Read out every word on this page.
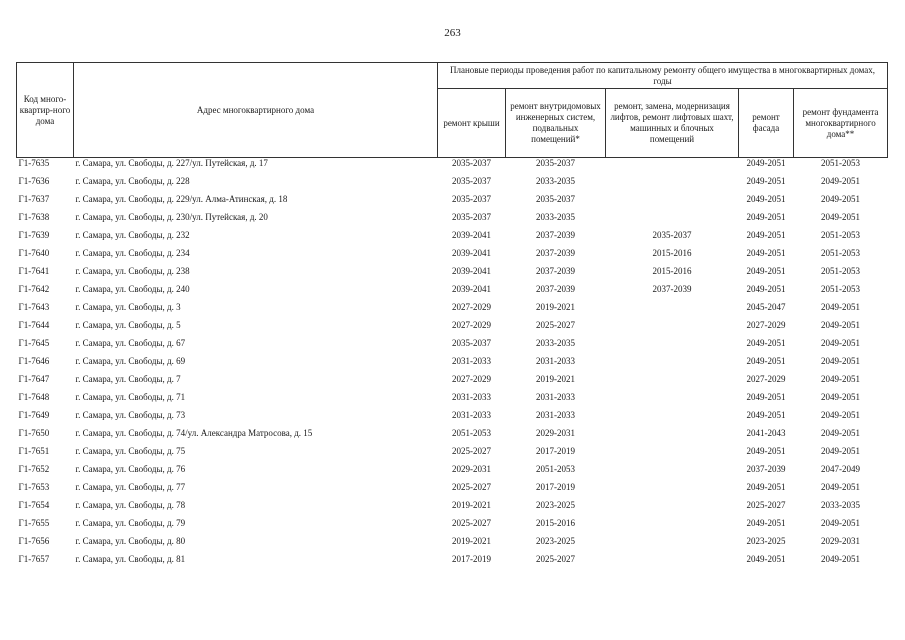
263
Код много-квартир-ного дома	Адрес многоквартирного дома	Плановые периоды проведения работ по капитальному ремонту общего имущества в многоквартирных домах, годы				
		ремонт крыши	ремонт внутридомовых инженерных систем, подвальных помещений*	ремонт, замена, модернизация лифтов, ремонт лифтовых шахт, машинных и блочных помещений	ремонт фасада	ремонт фундамента многоквартирного дома**
Г1-7635	г. Самара, ул. Свободы, д. 227/ул. Путейская, д. 17	2035-2037	2035-2037		2049-2051	2051-2053
Г1-7636	г. Самара, ул. Свободы, д. 228	2035-2037	2033-2035		2049-2051	2049-2051
Г1-7637	г. Самара, ул. Свободы, д. 229/ул. Алма-Атинская, д. 18	2035-2037	2035-2037		2049-2051	2049-2051
Г1-7638	г. Самара, ул. Свободы, д. 230/ул. Путейская, д. 20	2035-2037	2033-2035		2049-2051	2049-2051
Г1-7639	г. Самара, ул. Свободы, д. 232	2039-2041	2037-2039	2035-2037	2049-2051	2051-2053
Г1-7640	г. Самара, ул. Свободы, д. 234	2039-2041	2037-2039	2015-2016	2049-2051	2051-2053
Г1-7641	г. Самара, ул. Свободы, д. 238	2039-2041	2037-2039	2015-2016	2049-2051	2051-2053
Г1-7642	г. Самара, ул. Свободы, д. 240	2039-2041	2037-2039	2037-2039	2049-2051	2051-2053
Г1-7643	г. Самара, ул. Свободы, д. 3	2027-2029	2019-2021		2045-2047	2049-2051
Г1-7644	г. Самара, ул. Свободы, д. 5	2027-2029	2025-2027		2027-2029	2049-2051
Г1-7645	г. Самара, ул. Свободы, д. 67	2035-2037	2033-2035		2049-2051	2049-2051
Г1-7646	г. Самара, ул. Свободы, д. 69	2031-2033	2031-2033		2049-2051	2049-2051
Г1-7647	г. Самара, ул. Свободы, д. 7	2027-2029	2019-2021		2027-2029	2049-2051
Г1-7648	г. Самара, ул. Свободы, д. 71	2031-2033	2031-2033		2049-2051	2049-2051
Г1-7649	г. Самара, ул. Свободы, д. 73	2031-2033	2031-2033		2049-2051	2049-2051
Г1-7650	г. Самара, ул. Свободы, д. 74/ул. Александра Матросова, д. 15	2051-2053	2029-2031		2041-2043	2049-2051
Г1-7651	г. Самара, ул. Свободы, д. 75	2025-2027	2017-2019		2049-2051	2049-2051
Г1-7652	г. Самара, ул. Свободы, д. 76	2029-2031	2051-2053		2037-2039	2047-2049
Г1-7653	г. Самара, ул. Свободы, д. 77	2025-2027	2017-2019		2049-2051	2049-2051
Г1-7654	г. Самара, ул. Свободы, д. 78	2019-2021	2023-2025		2025-2027	2033-2035
Г1-7655	г. Самара, ул. Свободы, д. 79	2025-2027	2015-2016		2049-2051	2049-2051
Г1-7656	г. Самара, ул. Свободы, д. 80	2019-2021	2023-2025		2023-2025	2029-2031
Г1-7657	г. Самара, ул. Свободы, д. 81	2017-2019	2025-2027		2049-2051	2049-2051
